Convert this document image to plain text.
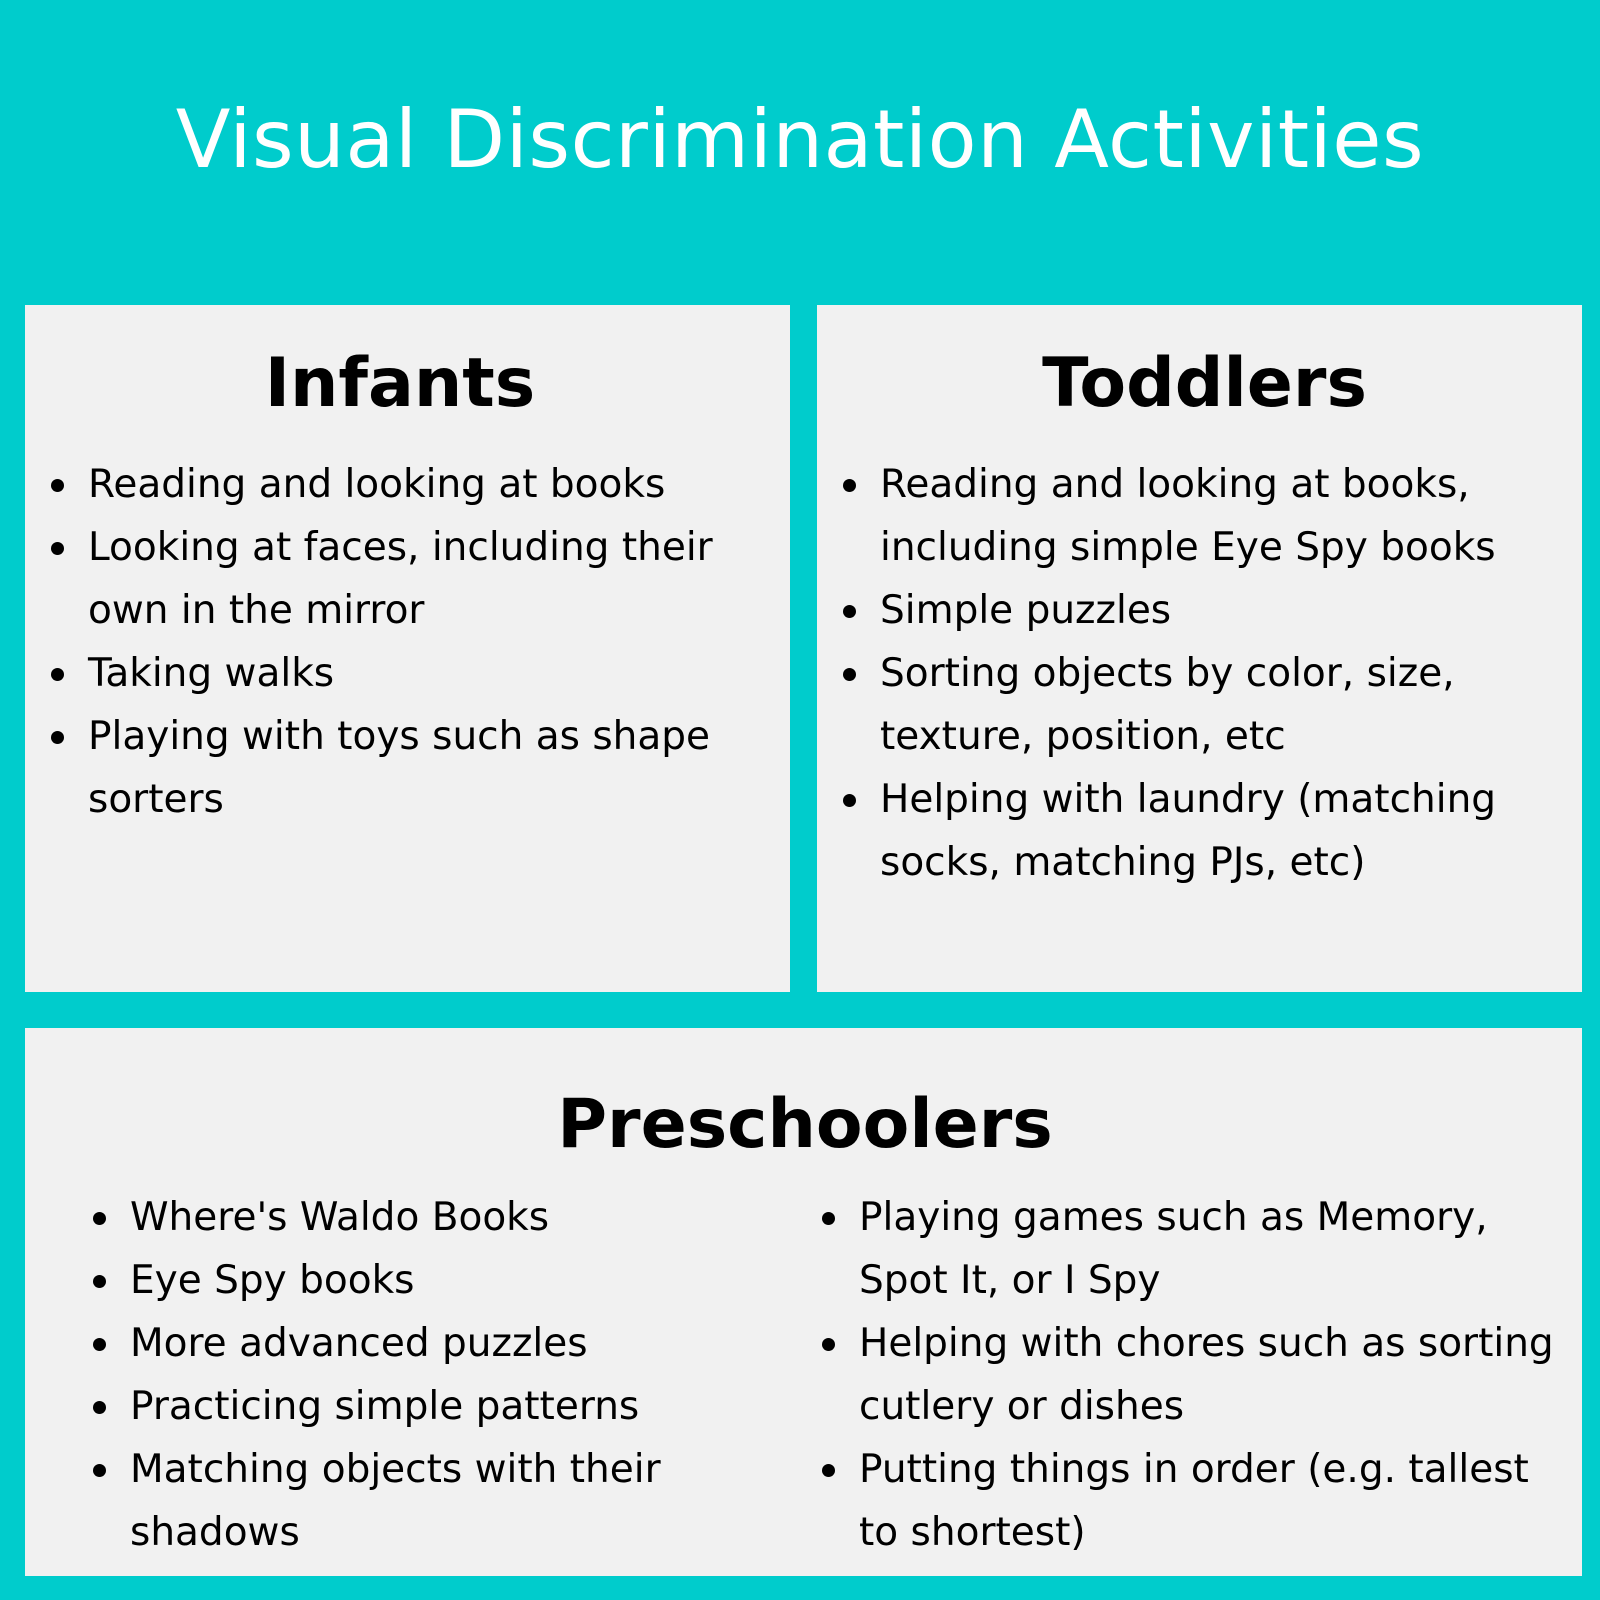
Visual Discrimination Activities
Infants
Reading and looking at books
Looking at faces, including their own in the mirror
Taking walks
Playing with toys such as shape sorters
Toddlers
Reading and looking at books, including simple Eye Spy books
Simple puzzles
Sorting objects by color, size, texture, position, etc
Helping with laundry (matching socks, matching PJs, etc)
Preschoolers
Where's Waldo Books
Eye Spy books
More advanced puzzles
Practicing simple patterns
Matching objects with their shadows
Playing games such as Memory, Spot It, or I Spy
Helping with chores such as sorting cutlery or dishes
Putting things in order (e.g. tallest to shortest)
